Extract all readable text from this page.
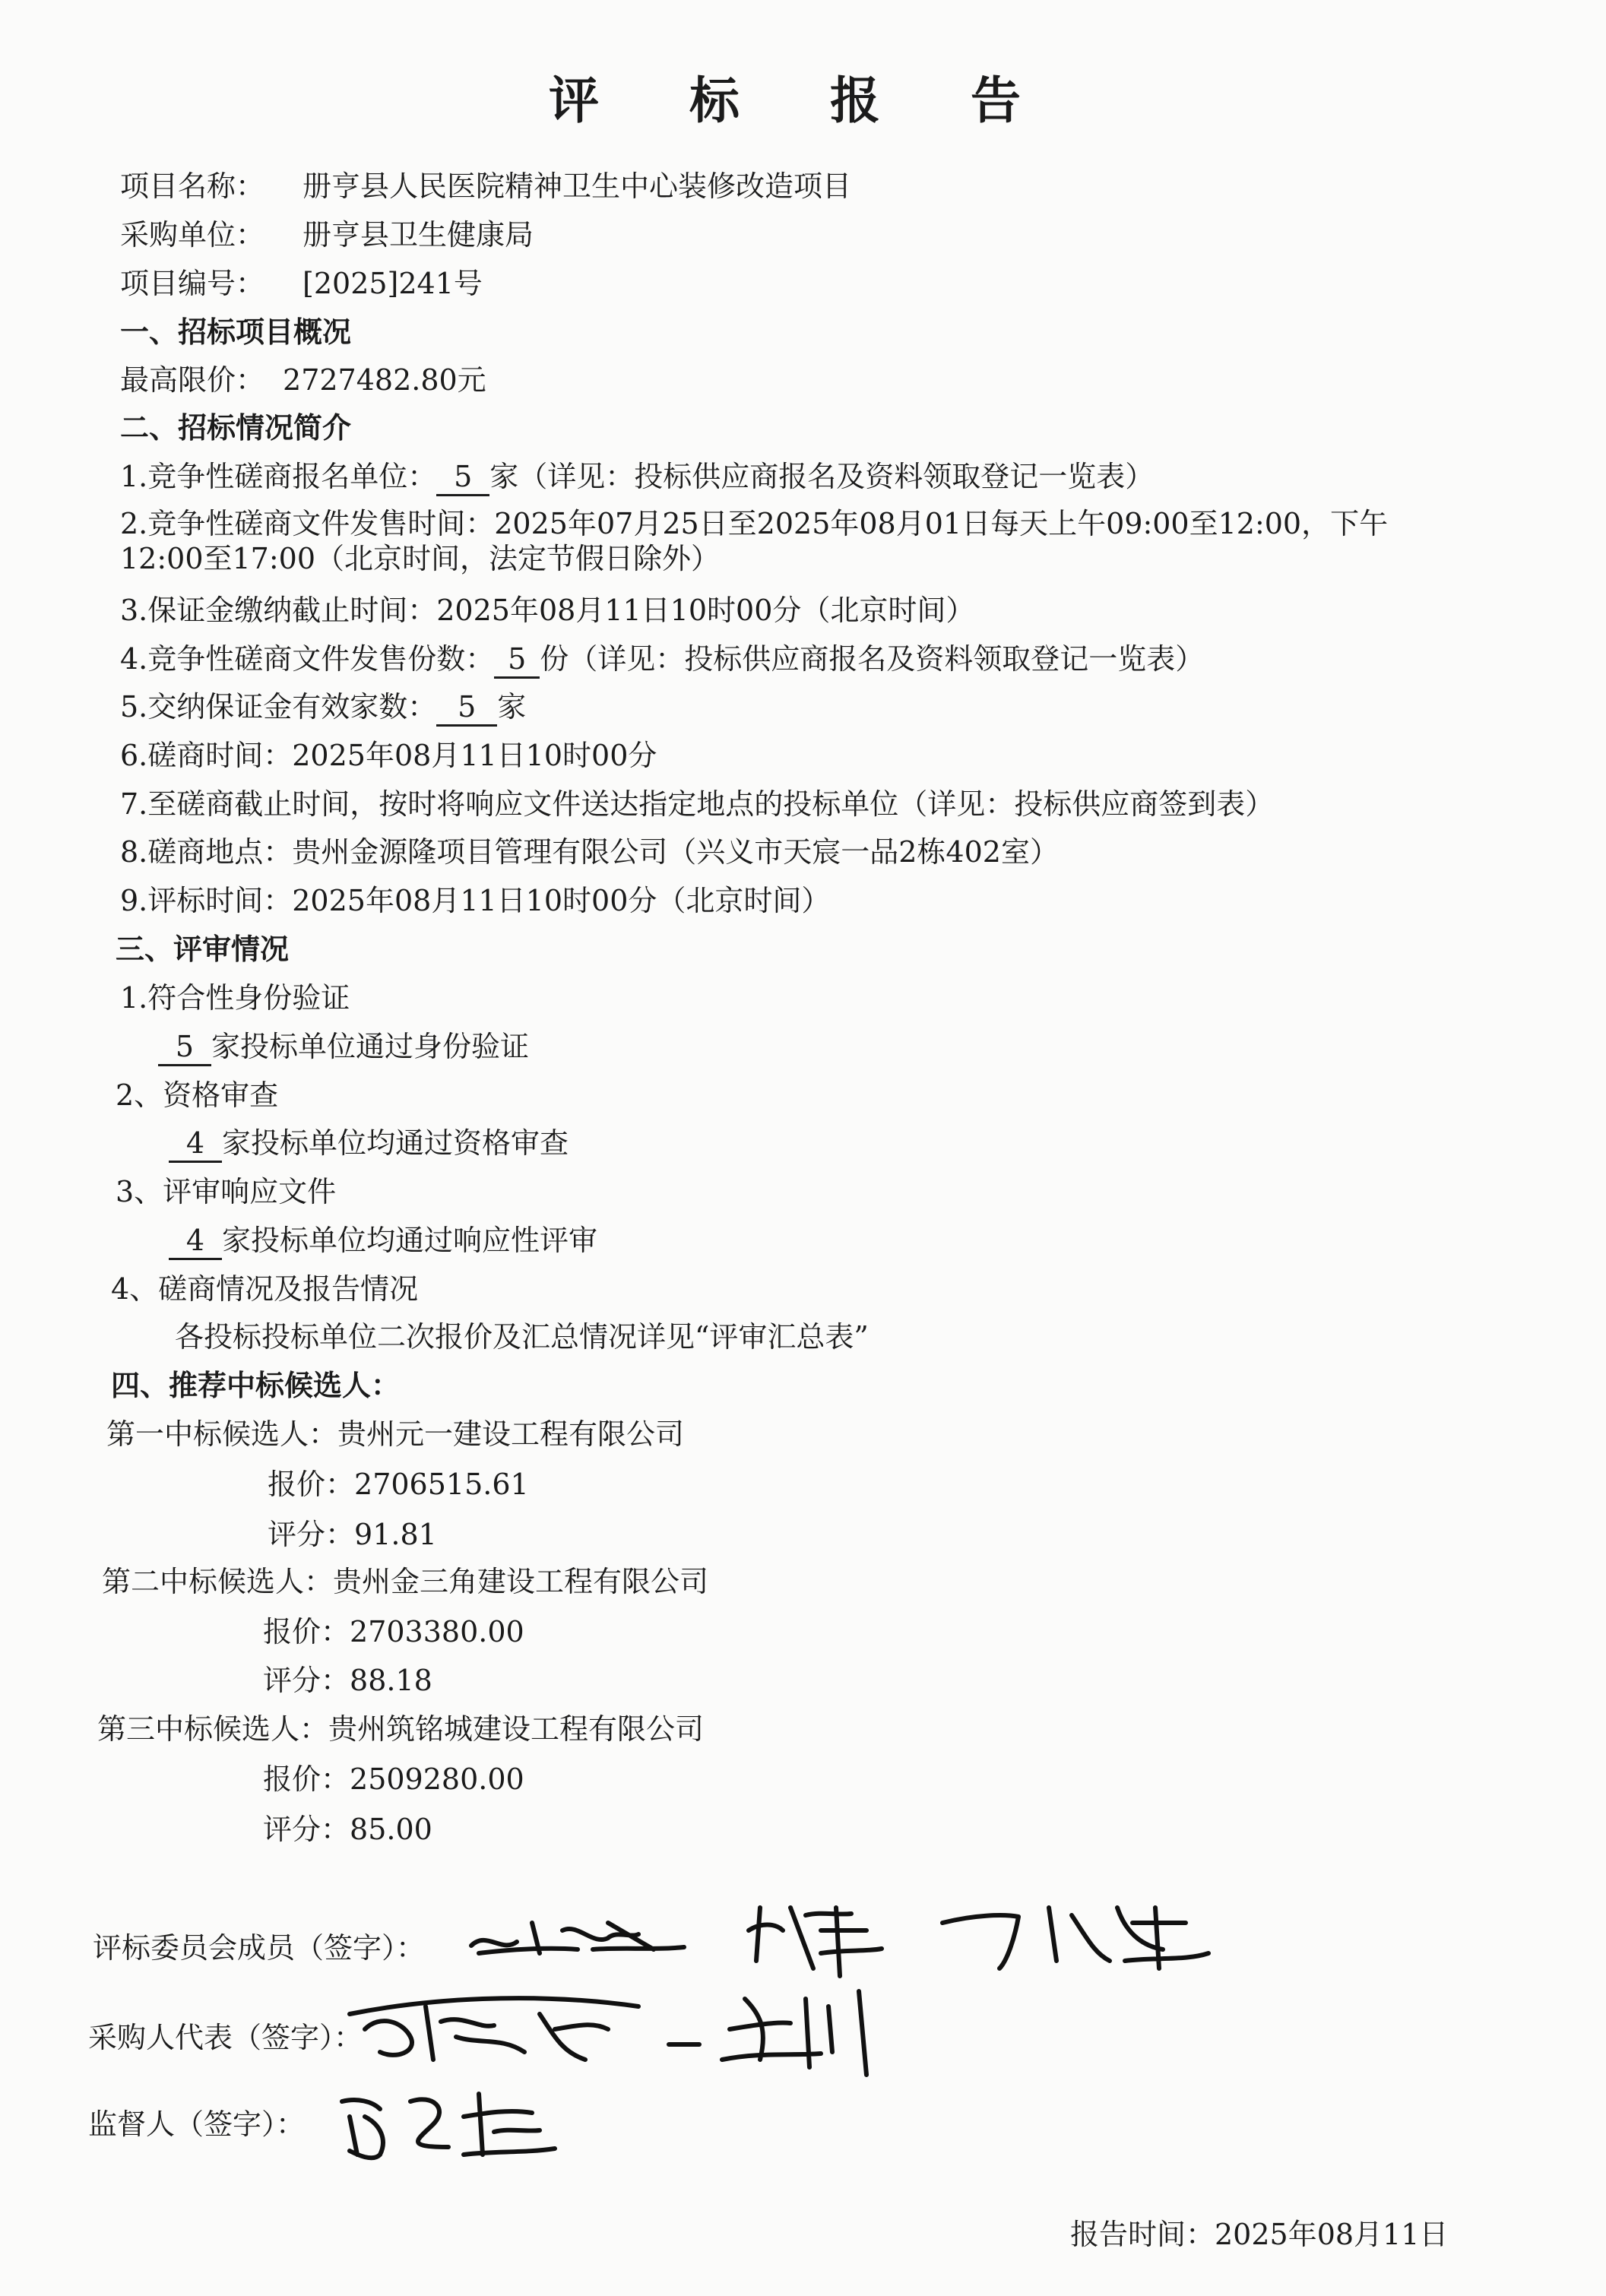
评 标 报 告
项目名称： 册亨县人民医院精神卫生中心装修改造项目
采购单位： 册亨县卫生健康局
项目编号： [2025]241号
一、招标项目概况
最高限价： 2727482.80元
二、招标情况简介
1.竞争性磋商报名单位： 5 家（详见：投标供应商报名及资料领取登记一览表）
2.竞争性磋商文件发售时间：2025年07月25日至2025年08月01日每天上午09:00至12:00，下午
12:00至17:00（北京时间，法定节假日除外）
3.保证金缴纳截止时间：2025年08月11日10时00分（北京时间）
4.竞争性磋商文件发售份数： 5 份（详见：投标供应商报名及资料领取登记一览表）
5.交纳保证金有效家数： 5 家
6.磋商时间：2025年08月11日10时00分
7.至磋商截止时间，按时将响应文件送达指定地点的投标单位（详见：投标供应商签到表）
8.磋商地点：贵州金源隆项目管理有限公司（兴义市天宸一品2栋402室）
9.评标时间：2025年08月11日10时00分（北京时间）
三、评审情况
1.符合性身份验证
5 家投标单位通过身份验证
2、资格审查
4 家投标单位均通过资格审查
3、评审响应文件
4 家投标单位均通过响应性评审
4、磋商情况及报告情况
各投标投标单位二次报价及汇总情况详见“评审汇总表”
四、推荐中标候选人：
第一中标候选人：贵州元一建设工程有限公司
报价：2706515.61
评分：91.81
第二中标候选人：贵州金三角建设工程有限公司
报价：2703380.00
评分：88.18
第三中标候选人：贵州筑铭城建设工程有限公司
报价：2509280.00
评分：85.00
评标委员会成员（签字）：
采购人代表（签字）：
监督人（签字）：
报告时间：2025年08月11日
